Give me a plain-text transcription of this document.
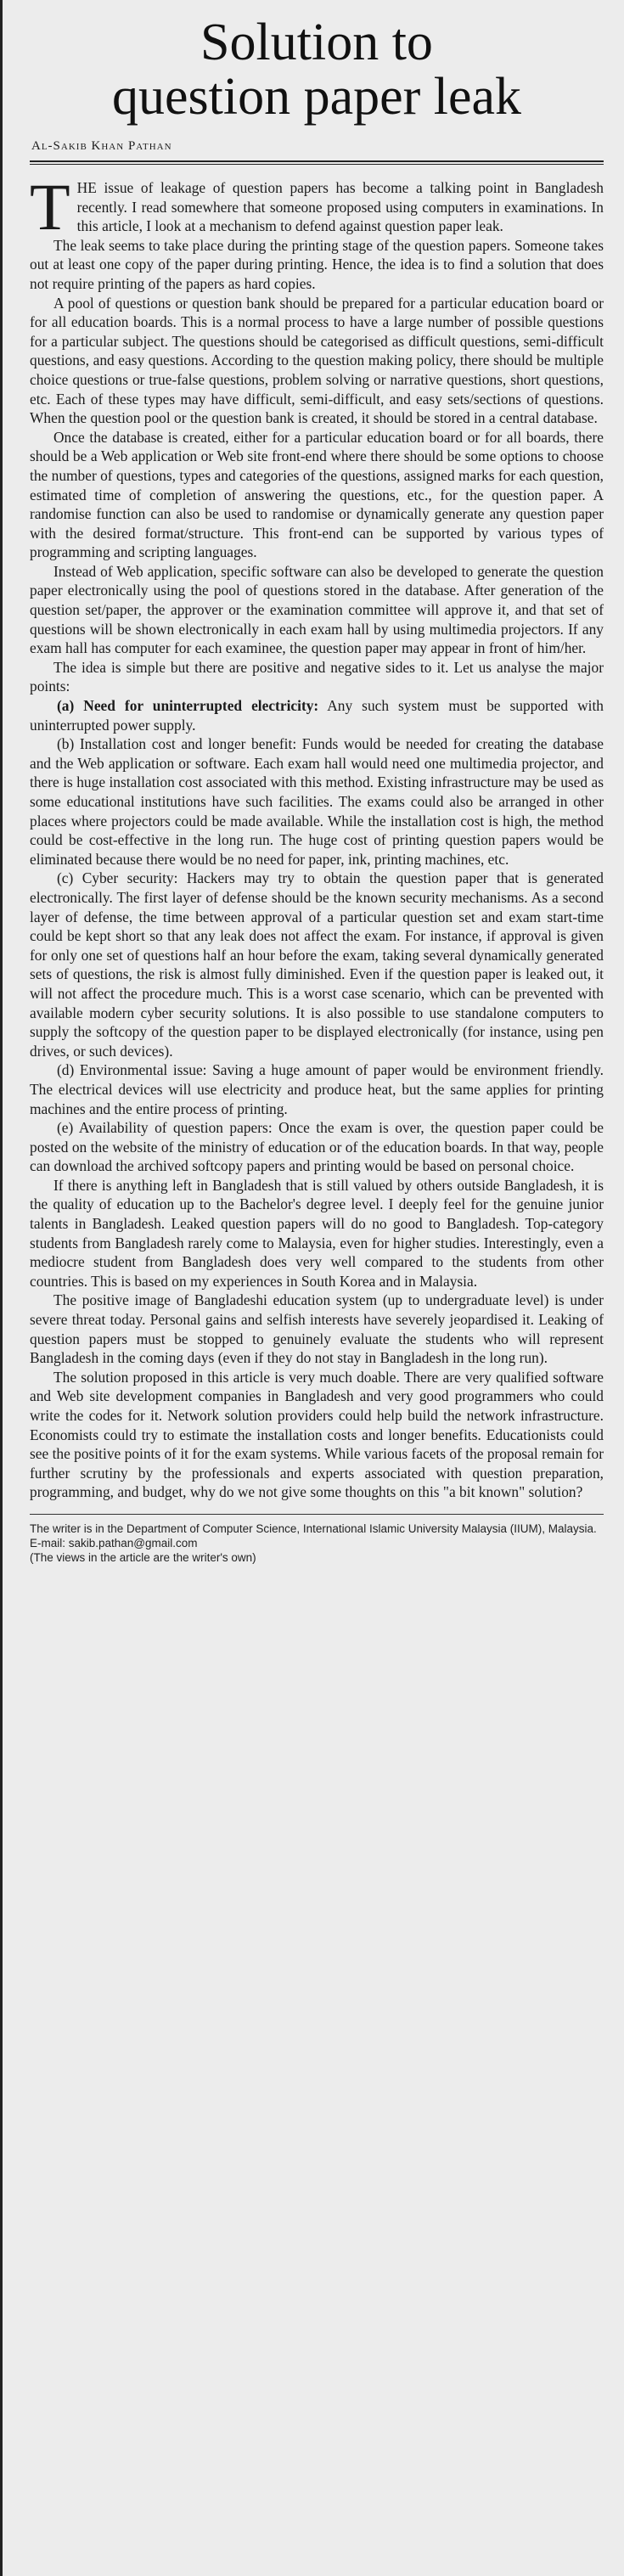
Solution to
question paper leak
Al-Sakib Khan Pathan

THE issue of leakage of question papers has become a talking point in Bangladesh recently. I read somewhere that someone proposed using computers in examinations. In this article, I look at a mechanism to defend against question paper leak.

The leak seems to take place during the printing stage of the question papers. Someone takes out at least one copy of the paper during printing. Hence, the idea is to find a solution that does not require printing of the papers as hard copies.

A pool of questions or question bank should be prepared for a particular education board or for all education boards. This is a normal process to have a large number of possible questions for a particular subject. The questions should be categorised as difficult questions, semi-difficult questions, and easy questions. According to the question making policy, there should be multiple choice questions or true-false questions, problem solving or narrative questions, short questions, etc. Each of these types may have difficult, semi-difficult, and easy sets/sections of questions. When the question pool or the question bank is created, it should be stored in a central database.

Once the database is created, either for a particular education board or for all boards, there should be a Web application or Web site front-end where there should be some options to choose the number of questions, types and categories of the questions, assigned marks for each question, estimated time of completion of answering the questions, etc., for the question paper. A randomise function can also be used to randomise or dynamically generate any question paper with the desired format/structure. This front-end can be supported by various types of programming and scripting languages.

Instead of Web application, specific software can also be developed to generate the question paper electronically using the pool of questions stored in the database. After generation of the question set/paper, the approver or the examination committee will approve it, and that set of questions will be shown electronically in each exam hall by using multimedia projectors. If any exam hall has computer for each examinee, the question paper may appear in front of him/her.

The idea is simple but there are positive and negative sides to it. Let us analyse the major points:

(a) Need for uninterrupted electricity: Any such system must be supported with uninterrupted power supply.

(b) Installation cost and longer benefit: Funds would be needed for creating the database and the Web application or software. Each exam hall would need one multimedia projector, and there is huge installation cost associated with this method. Existing infrastructure may be used as some educational institutions have such facilities. The exams could also be arranged in other places where projectors could be made available. While the installation cost is high, the method could be cost-effective in the long run. The huge cost of printing question papers would be eliminated because there would be no need for paper, ink, printing machines, etc.

(c) Cyber security: Hackers may try to obtain the question paper that is generated electronically. The first layer of defense should be the known security mechanisms. As a second layer of defense, the time between approval of a particular question set and exam start-time could be kept short so that any leak does not affect the exam. For instance, if approval is given for only one set of questions half an hour before the exam, taking several dynamically generated sets of questions, the risk is almost fully diminished. Even if the question paper is leaked out, it will not affect the procedure much. This is a worst case scenario, which can be prevented with available modern cyber security solutions. It is also possible to use standalone computers to supply the softcopy of the question paper to be displayed electronically (for instance, using pen drives, or such devices).

(d) Environmental issue: Saving a huge amount of paper would be environment friendly. The electrical devices will use electricity and produce heat, but the same applies for printing machines and the entire process of printing.

(e) Availability of question papers: Once the exam is over, the question paper could be posted on the website of the ministry of education or of the education boards. In that way, people can download the archived softcopy papers and printing would be based on personal choice.

If there is anything left in Bangladesh that is still valued by others outside Bangladesh, it is the quality of education up to the Bachelor's degree level. I deeply feel for the genuine junior talents in Bangladesh. Leaked question papers will do no good to Bangladesh. Top-category students from Bangladesh rarely come to Malaysia, even for higher studies. Interestingly, even a mediocre student from Bangladesh does very well compared to the students from other countries. This is based on my experiences in South Korea and in Malaysia.

The positive image of Bangladeshi education system (up to undergraduate level) is under severe threat today. Personal gains and selfish interests have severely jeopardised it. Leaking of question papers must be stopped to genuinely evaluate the students who will represent Bangladesh in the coming days (even if they do not stay in Bangladesh in the long run).

The solution proposed in this article is very much doable. There are very qualified software and Web site development companies in Bangladesh and very good programmers who could write the codes for it. Network solution providers could help build the network infrastructure. Economists could try to estimate the installation costs and longer benefits. Educationists could see the positive points of it for the exam systems. While various facets of the proposal remain for further scrutiny by the professionals and experts associated with question preparation, programming, and budget, why do we not give some thoughts on this "a bit known" solution?

The writer is in the Department of Computer Science, International Islamic University Malaysia (IIUM), Malaysia. E-mail: sakib.pathan@gmail.com
(The views in the article are the writer's own)
